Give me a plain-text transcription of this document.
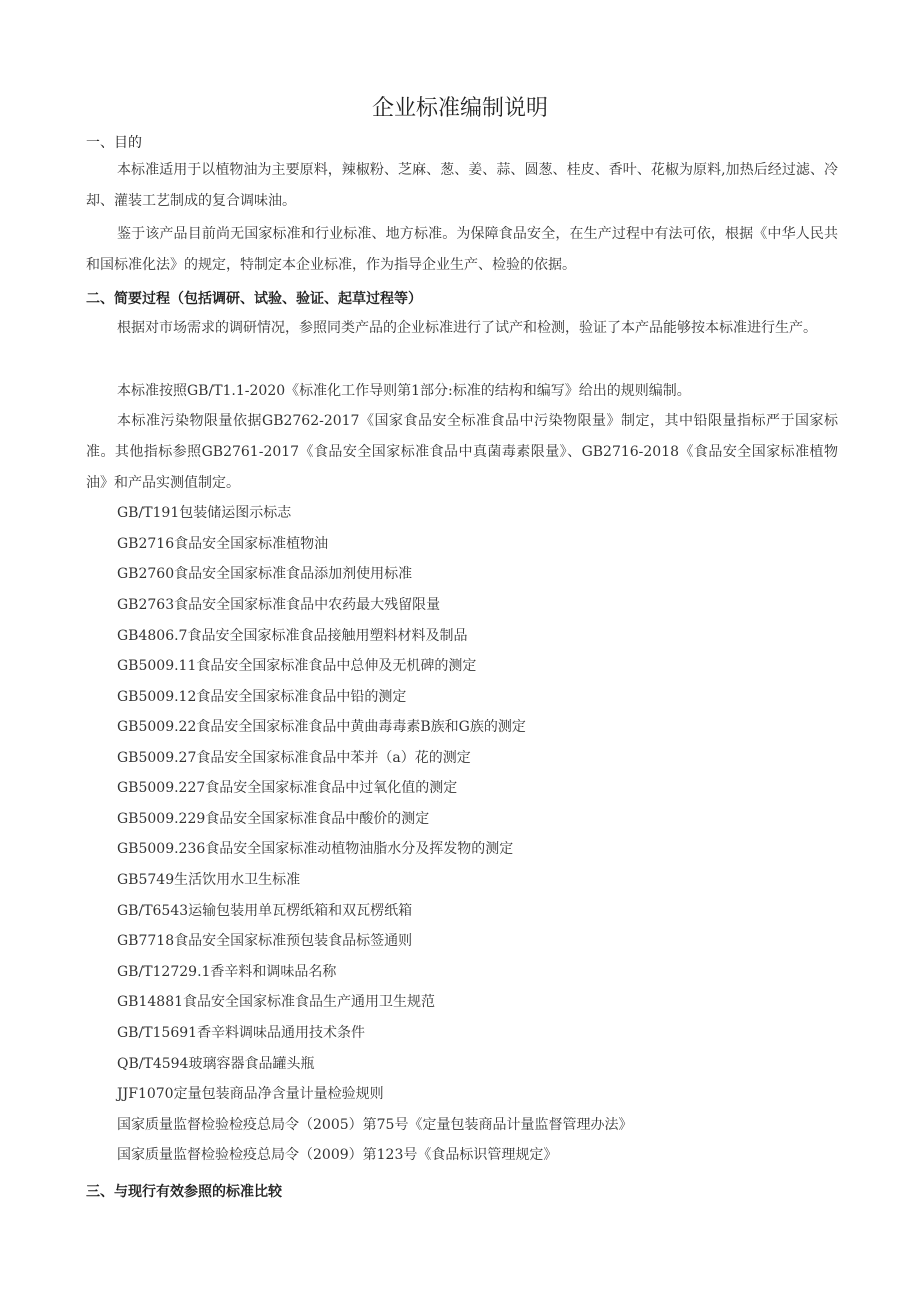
企业标准编制说明

一、目的

本标准适用于以植物油为主要原料，辣椒粉、芝麻、葱、姜、蒜、圆葱、桂皮、香叶、花椒为原料,加热后经过滤、冷却、灌装工艺制成的复合调味油。

鉴于该产品目前尚无国家标准和行业标准、地方标准。为保障食品安全，在生产过程中有法可依，根据《中华人民共和国标准化法》的规定，特制定本企业标准，作为指导企业生产、检验的依据。

二、简要过程（包括调研、试验、验证、起草过程等）

根据对市场需求的调研情况，参照同类产品的企业标准进行了试产和检测，验证了本产品能够按本标准进行生产。

本标准按照GB/T1.1-2020《标准化工作导则第1部分:标准的结构和编写》给出的规则编制。

本标准污染物限量依据GB2762-2017《国家食品安全标准食品中污染物限量》制定，其中铅限量指标严于国家标准。其他指标参照GB2761-2017《食品安全国家标准食品中真菌毒素限量》、GB2716-2018《食品安全国家标准植物油》和产品实测值制定。

GB/T191包装储运图示标志

GB2716食品安全国家标准植物油

GB2760食品安全国家标准食品添加剂使用标准

GB2763食品安全国家标准食品中农药最大残留限量

GB4806.7食品安全国家标准食品接触用塑料材料及制品

GB5009.11食品安全国家标准食品中总伸及无机碑的测定

GB5009.12食品安全国家标准食品中铅的测定

GB5009.22食品安全国家标准食品中黄曲毒毒素B族和G族的测定

GB5009.27食品安全国家标准食品中苯并（a）花的测定

GB5009.227食品安全国家标准食品中过氧化值的测定

GB5009.229食品安全国家标准食品中酸价的测定

GB5009.236食品安全国家标准动植物油脂水分及挥发物的测定

GB5749生活饮用水卫生标准

GB/T6543运输包装用单瓦楞纸箱和双瓦楞纸箱

GB7718食品安全国家标准预包装食品标签通则

GB/T12729.1香辛料和调味品名称

GB14881食品安全国家标准食品生产通用卫生规范

GB/T15691香辛料调味品通用技术条件

QB/T4594玻璃容器食品罐头瓶

JJF1070定量包装商品净含量计量检验规则

国家质量监督检验检疫总局令（2005）第75号《定量包装商品计量监督管理办法》

国家质量监督检验检疫总局令（2009）第123号《食品标识管理规定》

三、与现行有效参照的标准比较
